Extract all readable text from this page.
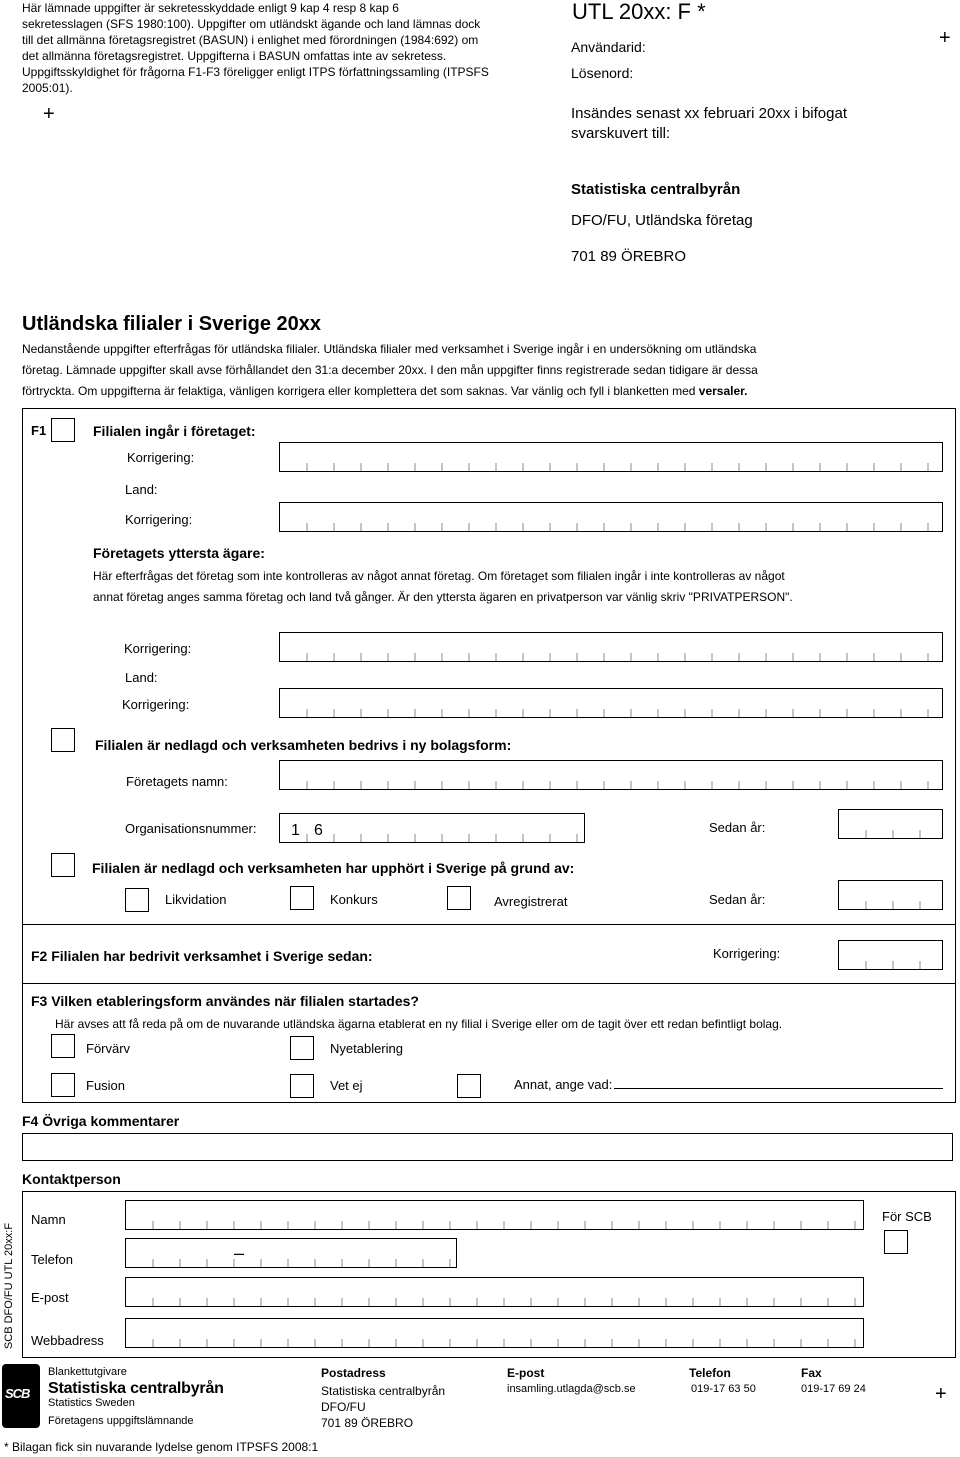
Här lämnade uppgifter är sekretesskyddade enligt 9 kap 4 resp 8 kap 6
sekretesslagen (SFS 1980:100). Uppgifter om utländskt ägande och land lämnas dock
till det allmänna företagsregistret (BASUN) i enlighet med förordningen (1984:692) om
det allmänna företagsregistret. Uppgifterna i BASUN omfattas inte av sekretess.
Uppgiftsskyldighet för frågorna F1-F3 föreligger enligt ITPS författningssamling (ITPSFS
2005:01).
UTL 20xx: F *
Användarid:
Lösenord:
+
+	Insändes senast xx februari 20xx i bifogat
svarskuvert till:
Statistiska centralbyrån
DFO/FU, Utländska företag
701 89 ÖREBRO
Utländska filialer i Sverige 20xx
Nedanstående uppgifter efterfrågas för utländska filialer. Utländska filialer med verksamhet i Sverige ingår i en undersökning om utländska
företag. Lämnade uppgifter skall avse förhållandet den 31:a december 20xx. I den mån uppgifter finns registrerade sedan tidigare är dessa
förtryckta. Om uppgifterna är felaktiga, vänligen korrigera eller komplettera det som saknas. Var vänlig och fyll i blanketten med versaler.
F1	Filialen ingår i företaget:
Korrigering:
Land:
Korrigering:
Företagets yttersta ägare:
Här efterfrågas det företag som inte kontrolleras av något annat företag. Om företaget som filialen ingår i inte kontrolleras av något
annat företag anges samma företag och land två gånger. Är den yttersta ägaren en privatperson var vänlig skriv "PRIVATPERSON".
Korrigering:
Land:
Korrigering:
Filialen är nedlagd och verksamheten bedrivs i ny bolagsform:
Företagets namn:
Organisationsnummer: 1 6	Sedan år:
Filialen är nedlagd och verksamheten har upphört i Sverige på grund av:
Likvidation	Konkurs	Avregistrerat	Sedan år:
F2 Filialen har bedrivit verksamhet i Sverige sedan:	Korrigering:
F3 Vilken etableringsform användes när filialen startades?
Här avses att få reda på om de nuvarande utländska ägarna etablerat en ny filial i Sverige eller om de tagit över ett redan befintligt bolag.
Förvärv	Nyetablering
Fusion	Vet ej	Annat, ange vad:
F4 Övriga kommentarer
Kontaktperson
SCB DFO/FU UTL 20xx:F
Namn	För SCB
Telefon	–
E-post
Webbadress
SCB
Blankettutgivare
Statistiska centralbyrån
Statistics Sweden
Företagens uppgiftslämnande
Postadress
Statistiska centralbyrån
DFO/FU
701 89 ÖREBRO
E-post
insamling.utlagda@scb.se
Telefon
019-17 63 50
Fax
019-17 69 24	+
* Bilagan fick sin nuvarande lydelse genom ITPSFS 2008:1
